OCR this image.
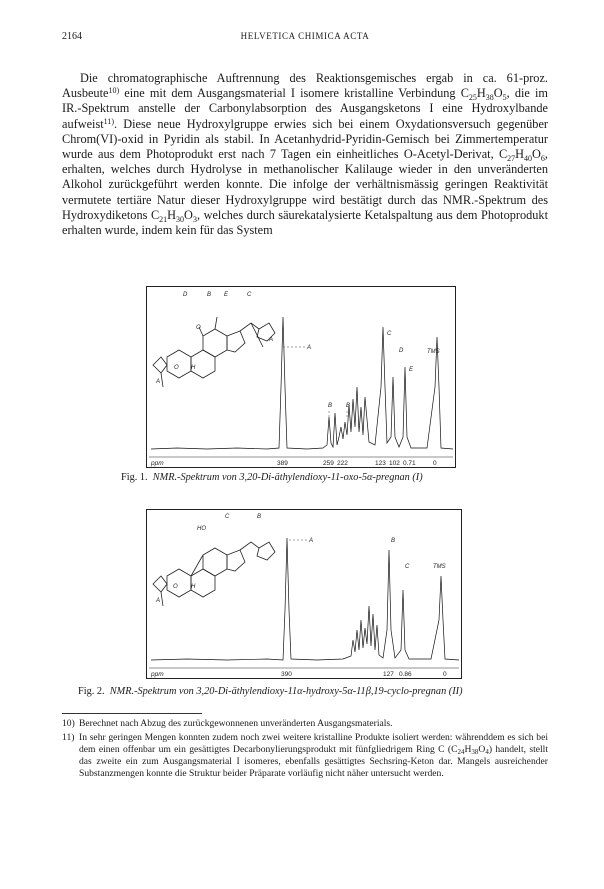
2164	HELVETICA CHIMICA ACTA

Die chromatographische Auftrennung des Reaktionsgemisches ergab in ca. 61-proz. Ausbeute$^{10)}$ eine mit dem Ausgangsmaterial I isomere kristalline Verbindung $C_{25}H_{38}O_5$, die im IR.-Spektrum anstelle der Carbonylabsorption des Ausgangsketons I eine Hydroxylbande aufweist$^{11)}$. Diese neue Hydroxylgruppe erwies sich bei einem Oxydationsversuch gegenüber Chrom(VI)-oxid in Pyridin als stabil. In Acetanhydrid-Pyridin-Gemisch bei Zimmertemperatur wurde aus dem Photoprodukt erst nach 7 Tagen ein einheitliches O-Acetyl-Derivat, $C_{27}H_{40}O_6$, erhalten, welches durch Hydrolyse in methanolischer Kalilauge wieder in den unveränderten Alkohol zurückgeführt werden konnte. Die infolge der verhältnismässig geringen Reaktivität vermutete tertiäre Natur dieser Hydroxylgruppe wird bestätigt durch das NMR.-Spektrum des Hydroxydiketons $C_{21}H_{30}O_3$, welches durch säurekatalysierte Ketalspaltung aus dem Photoprodukt erhalten wurde, indem kein für das System

D	B E	C
O
H
A
A
O
A
B B
C
D
E
TMS
ppm	389	259 222	123 102 0.71	0
Fig. 1. NMR.-Spektrum von 3,20-Di-äthylendioxy-11-oxo-5α-pregnan (I)
C	B
HO
O H
A
A	B
C	TMS
ppm	390	127 0.86	0
Fig. 2. NMR.-Spektrum von 3,20-Di-äthylendioxy-11α-hydroxy-5α-11β,19-cyclo-pregnan (II)
10) Berechnet nach Abzug des zurückgewonnenen unveränderten Ausgangsmaterials.
11) In sehr geringen Mengen konnten zudem noch zwei weitere kristalline Produkte isoliert werden: währenddem es sich bei dem einen offenbar um ein gesättigtes Decarbonylierungsprodukt mit fünfgliedrigem Ring C $(C_{24}H_{38}O_4)$ handelt, stellt das zweite ein zum Ausgangsmaterial I isomeres, ebenfalls gesättigtes Sechsring-Keton dar. Mangels ausreichender Substanzmengen konnte die Struktur beider Präparate vorläufig nicht näher untersucht werden.
